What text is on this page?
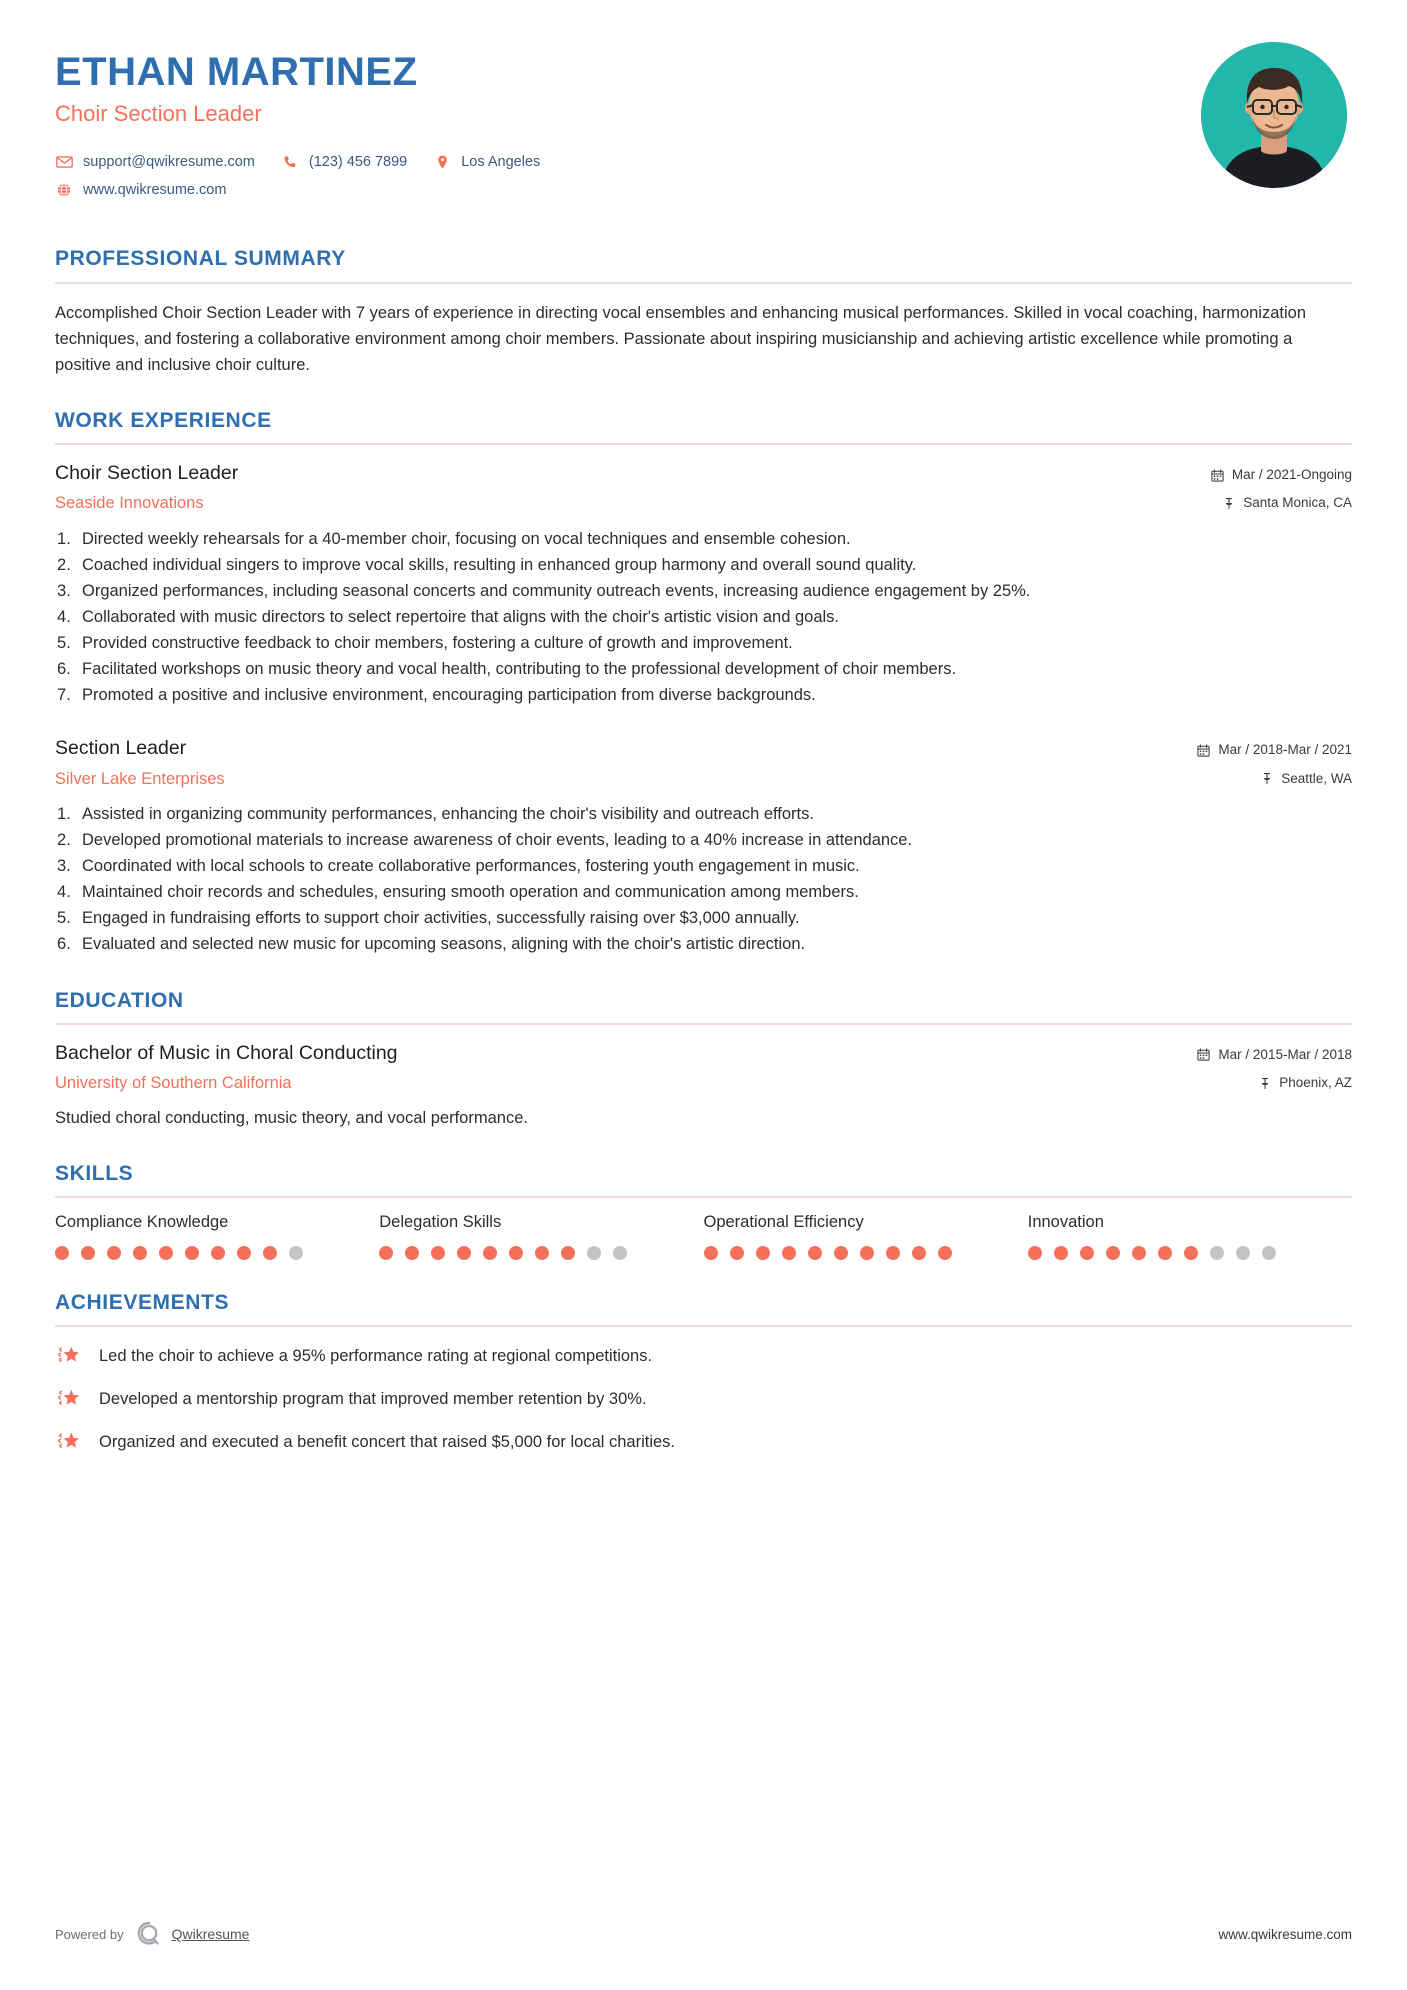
ETHAN MARTINEZ
Choir Section Leader
support@qwikresume.com	(123) 456 7899	Los Angeles
www.qwikresume.com
PROFESSIONAL SUMMARY
Accomplished Choir Section Leader with 7 years of experience in directing vocal ensembles and enhancing musical performances. Skilled in vocal coaching, harmonization techniques, and fostering a collaborative environment among choir members. Passionate about inspiring musicianship and achieving artistic excellence while promoting a positive and inclusive choir culture.
WORK EXPERIENCE
Choir Section Leader
Seaside Innovations
Mar / 2021-Ongoing
Santa Monica, CA
Directed weekly rehearsals for a 40-member choir, focusing on vocal techniques and ensemble cohesion.
Coached individual singers to improve vocal skills, resulting in enhanced group harmony and overall sound quality.
Organized performances, including seasonal concerts and community outreach events, increasing audience engagement by 25%.
Collaborated with music directors to select repertoire that aligns with the choir's artistic vision and goals.
Provided constructive feedback to choir members, fostering a culture of growth and improvement.
Facilitated workshops on music theory and vocal health, contributing to the professional development of choir members.
Promoted a positive and inclusive environment, encouraging participation from diverse backgrounds.
Section Leader
Silver Lake Enterprises
Mar / 2018-Mar / 2021
Seattle, WA
Assisted in organizing community performances, enhancing the choir's visibility and outreach efforts.
Developed promotional materials to increase awareness of choir events, leading to a 40% increase in attendance.
Coordinated with local schools to create collaborative performances, fostering youth engagement in music.
Maintained choir records and schedules, ensuring smooth operation and communication among members.
Engaged in fundraising efforts to support choir activities, successfully raising over $3,000 annually.
Evaluated and selected new music for upcoming seasons, aligning with the choir's artistic direction.
EDUCATION
Bachelor of Music in Choral Conducting
University of Southern California
Mar / 2015-Mar / 2018
Phoenix, AZ
Studied choral conducting, music theory, and vocal performance.
SKILLS
Compliance Knowledge	Delegation Skills	Operational Efficiency	Innovation
ACHIEVEMENTS
Led the choir to achieve a 95% performance rating at regional competitions.
Developed a mentorship program that improved member retention by 30%.
Organized and executed a benefit concert that raised $5,000 for local charities.
Powered by	Qwikresume	www.qwikresume.com
